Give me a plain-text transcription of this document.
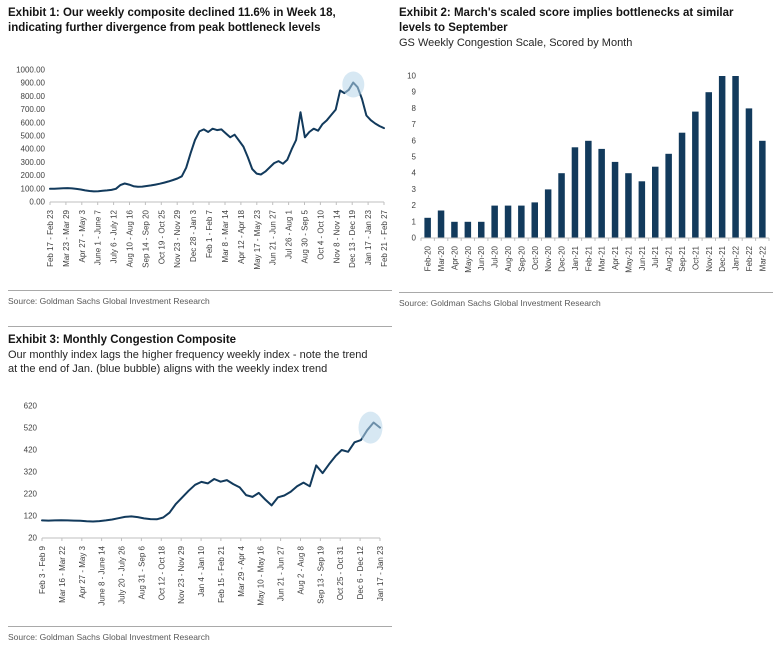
Exhibit 1: Our weekly composite declined 11.6% in Week 18,
indicating further divergence from peak bottleneck levels
0.00
100.00
200.00
300.00
400.00
500.00
600.00
700.00
800.00
900.00
1000.00
Feb 17 - Feb 23 Mar 23 - Mar 29 Apr 27 - May 3 June 1 - June 7 July 6 - July 12 Aug 10 - Aug 16 Sep 14 - Sep 20 Oct 19 - Oct 25 Nov 23 - Nov 29 Dec 28 - Jan 3 Feb 1 - Feb 7 Mar 8 - Mar 14 Apr 12 - Apr 18 May 17 - May 23 Jun 21 - Jun 27 Jul 26 - Aug 1 Aug 30 - Sep 5 Oct 4 - Oct 10 Nov 8 - Nov 14 Dec 13 - Dec 19 Jan 17 - Jan 23 Feb 21 - Feb 27
Source: Goldman Sachs Global Investment Research
Exhibit 2: March's scaled score implies bottlenecks at similar
levels to September
GS Weekly Congestion Scale, Scored by Month
0
1
2
3
4
5
6
7
8
9
10
Feb-20 Mar-20 Apr-20 May-20 Jun-20 Jul-20 Aug-20 Sep-20 Oct-20 Nov-20 Dec-20 Jan-21 Feb-21 Mar-21 Apr-21 May-21 Jun-21 Jul-21 Aug-21 Sep-21 Oct-21 Nov-21 Dec-21 Jan-22 Feb-22 Mar-22
Source: Goldman Sachs Global Investment Research
Exhibit 3: Monthly Congestion Composite
Our monthly index lags the higher frequency weekly index - note the trend
at the end of Jan. (blue bubble) aligns with the weekly index trend
20
120
220
320
420
520
620
Feb 3 - Feb 9 Mar 16 - Mar 22 Apr 27 - May 3 June 8 - June 14 July 20 - July 26 Aug 31 - Sep 6 Oct 12 - Oct 18 Nov 23 - Nov 29 Jan 4 - Jan 10 Feb 15 - Feb 21 Mar 29 - Apr 4 May 10 - May 16 Jun 21 - Jun 27 Aug 2 - Aug 8 Sep 13 - Sep 19 Oct 25 - Oct 31 Dec 6 - Dec 12 Jan 17 - Jan 23
Source: Goldman Sachs Global Investment Research
